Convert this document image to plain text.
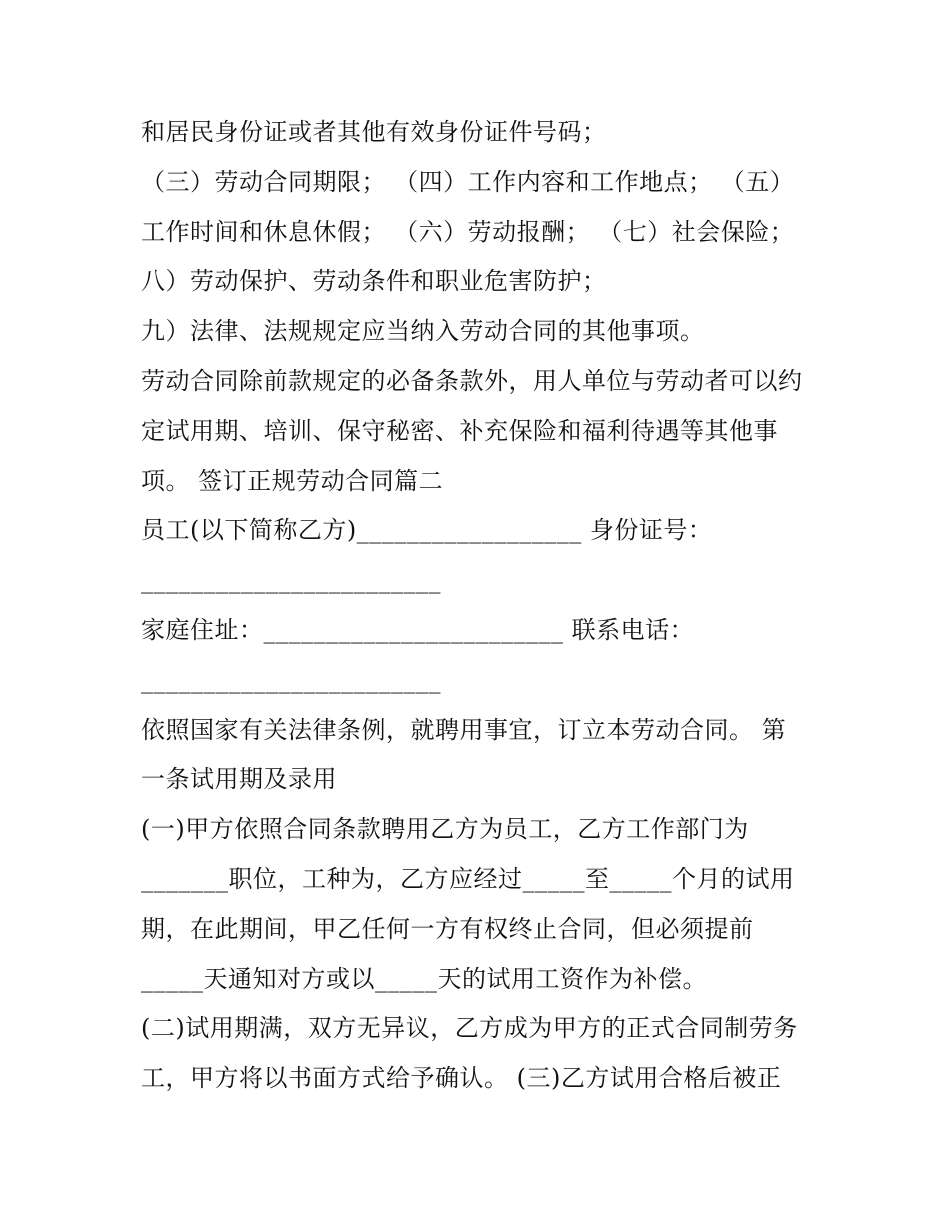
和居民身份证或者其他有效身份证件号码；
（三）劳动合同期限； （四）工作内容和工作地点； （五）
工作时间和休息休假； （六）劳动报酬； （七）社会保险；
八）劳动保护、劳动条件和职业危害防护；
九）法律、法规规定应当纳入劳动合同的其他事项。
劳动合同除前款规定的必备条款外，用人单位与劳动者可以约
定试用期、培训、保守秘密、补充保险和福利待遇等其他事
项。 签订正规劳动合同篇二
员工(以下简称乙方)__________________ 身份证号：
________________________
家庭住址：________________________ 联系电话：
________________________
依照国家有关法律条例，就聘用事宜，订立本劳动合同。 第
一条试用期及录用
(一)甲方依照合同条款聘用乙方为员工，乙方工作部门为
_______职位，工种为，乙方应经过_____至_____个月的试用
期，在此期间，甲乙任何一方有权终止合同，但必须提前
_____天通知对方或以_____天的试用工资作为补偿。
(二)试用期满，双方无异议，乙方成为甲方的正式合同制劳务
工，甲方将以书面方式给予确认。 (三)乙方试用合格后被正
